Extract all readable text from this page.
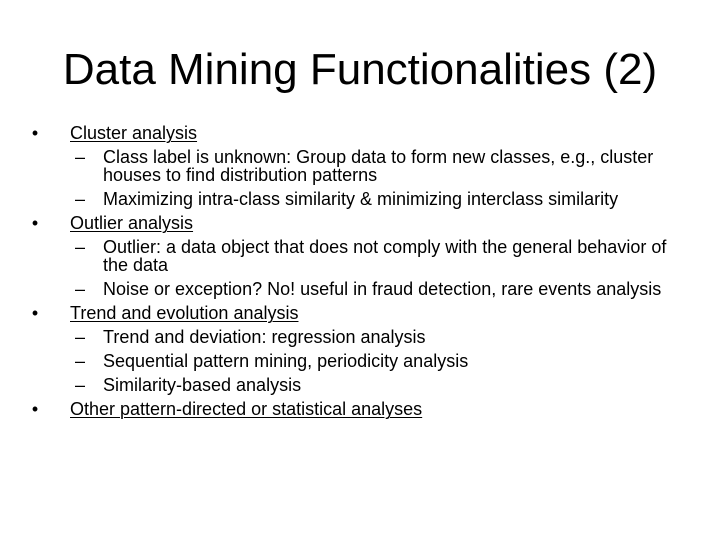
Data Mining Functionalities (2)
• Cluster analysis
– Class label is unknown: Group data to form new classes, e.g., cluster houses to find distribution patterns
– Maximizing intra-class similarity & minimizing interclass similarity
• Outlier analysis
– Outlier: a data object that does not comply with the general behavior of the data
– Noise or exception? No! useful in fraud detection, rare events analysis
• Trend and evolution analysis
– Trend and deviation: regression analysis
– Sequential pattern mining, periodicity analysis
– Similarity-based analysis
• Other pattern-directed or statistical analyses
